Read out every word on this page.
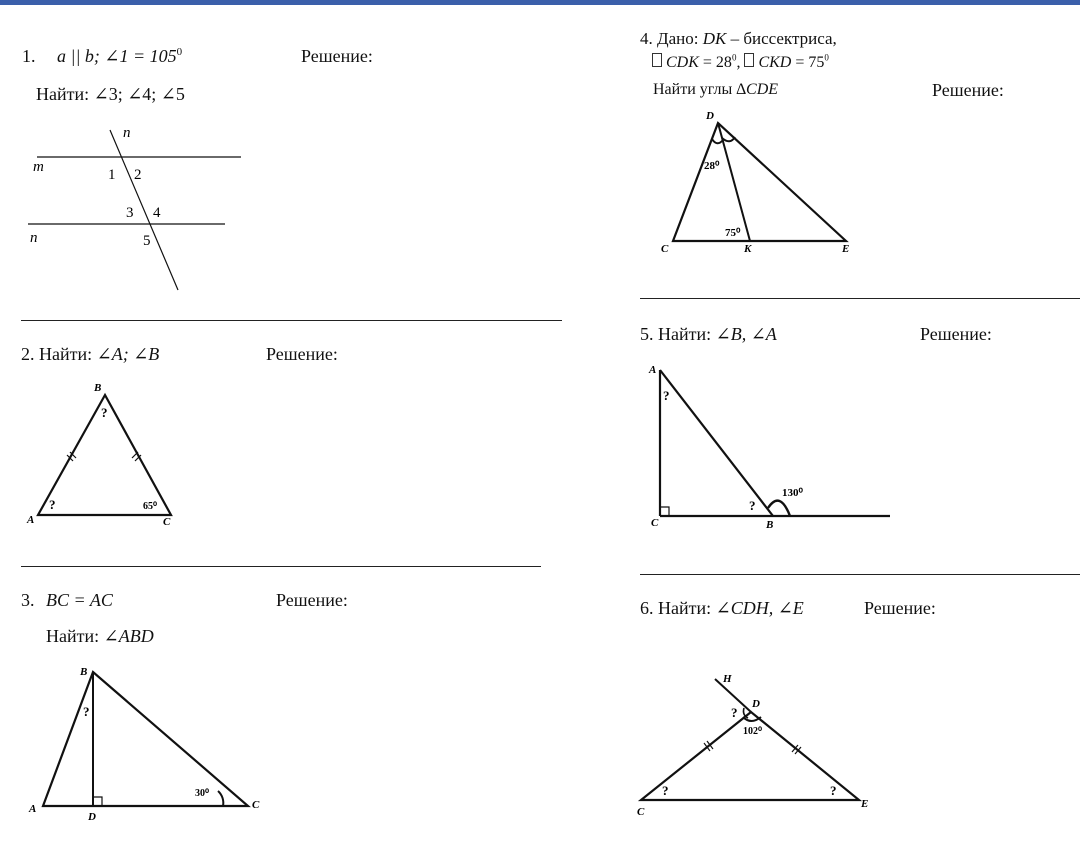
1. a || b; ∠1 = $105^0$	Решение:
Найти: ∠3; ∠4; ∠5
n
m
n
1 2
3 4
5
2. Найти: ∠A; ∠B	Решение:
B
A	C
?
?	65⁰
3. BC = AC	Решение:
Найти: ∠ABD
B
A
D
C
?
30⁰
4. Дано: DK – биссектриса,
CDK = $28^0$, CKD = $75^0$
Найти углы ∆CDE	Решение:
D
C	K	E
28⁰
75⁰
5. Найти: ∠B, ∠A	Решение:
A
C	B
?
?
130⁰
6. Найти: ∠CDH, ∠E	Решение:
H
D
C
E
?
?	?
102⁰
